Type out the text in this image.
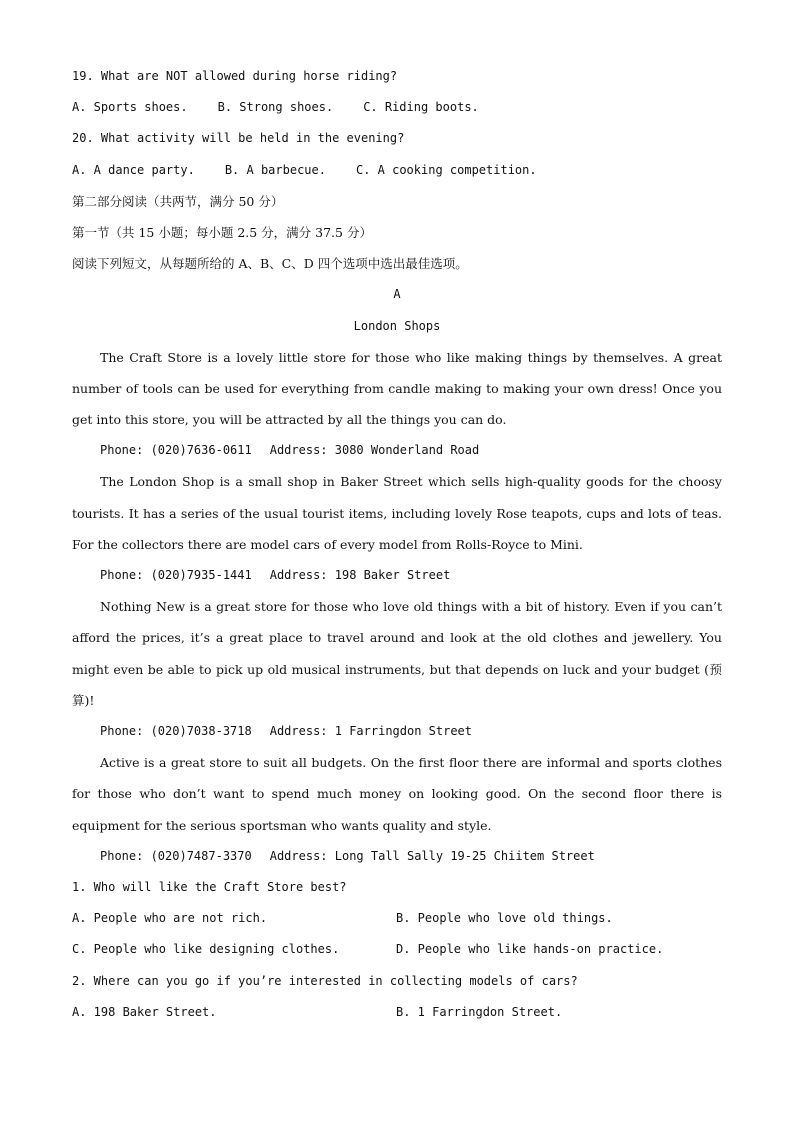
19. What are NOT allowed during horse riding?
A. Sports shoes.	B. Strong shoes.	C. Riding boots.
20. What activity will be held in the evening?
A. A dance party.	B. A barbecue.	C. A cooking competition.
第二部分阅读（共两节，满分 50 分）
第一节（共 15 小题；每小题 2.5 分，满分 37.5 分）
阅读下列短文，从每题所给的 A、B、C、D 四个选项中选出最佳选项。
A
London Shops
The Craft Store is a lovely little store for those who like making things by themselves. A great number of tools can be used for everything from candle making to making your own dress! Once you get into this store, you will be attracted by all the things you can do.
Phone: (020)7636-0611 Address: 3080 Wonderland Road
The London Shop is a small shop in Baker Street which sells high-quality goods for the choosy tourists. It has a series of the usual tourist items, including lovely Rose teapots, cups and lots of teas. For the collectors there are model cars of every model from Rolls-Royce to Mini.
Phone: (020)7935-1441 Address: 198 Baker Street
Nothing New is a great store for those who love old things with a bit of history. Even if you can’t afford the prices, it’s a great place to travel around and look at the old clothes and jewellery. You might even be able to pick up old musical instruments, but that depends on luck and your budget (预算)!
Phone: (020)7038-3718 Address: 1 Farringdon Street
Active is a great store to suit all budgets. On the first floor there are informal and sports clothes for those who don’t want to spend much money on looking good. On the second floor there is equipment for the serious sportsman who wants quality and style.
Phone: (020)7487-3370 Address: Long Tall Sally 19-25 Chiitem Street
1. Who will like the Craft Store best?
A. People who are not rich.	B. People who love old things.
C. People who like designing clothes.	D. People who like hands-on practice.
2. Where can you go if you’re interested in collecting models of cars?
A. 198 Baker Street.	B. 1 Farringdon Street.
